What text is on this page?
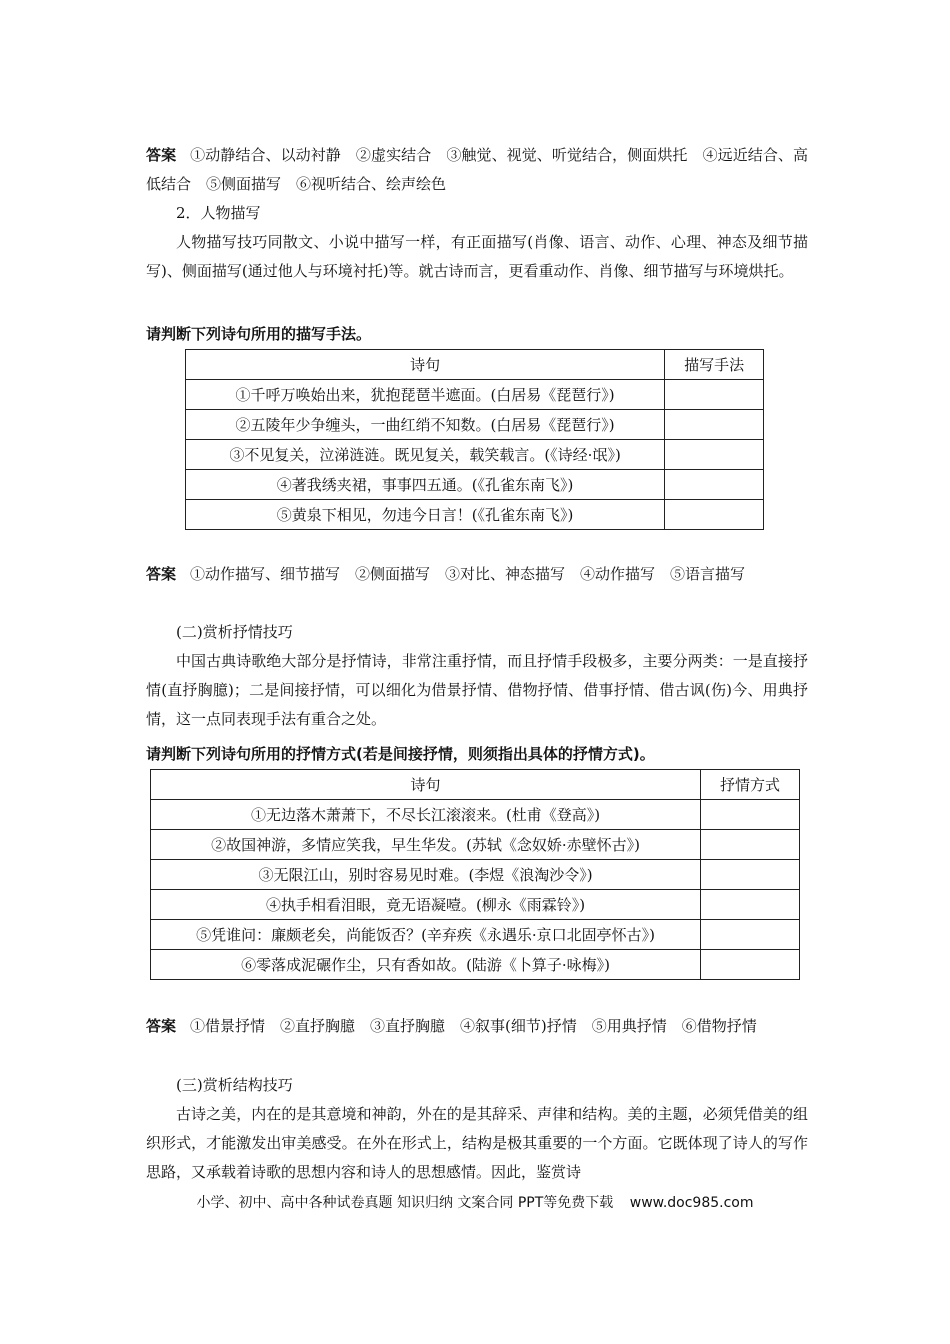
答案 ①动静结合、以动衬静　②虚实结合　③触觉、视觉、听觉结合，侧面烘托　④远近结合、高低结合　⑤侧面描写　⑥视听结合、绘声绘色
2．人物描写
人物描写技巧同散文、小说中描写一样，有正面描写(肖像、语言、动作、心理、神态及细节描写)、侧面描写(通过他人与环境衬托)等。就古诗而言，更看重动作、肖像、细节描写与环境烘托。
请判断下列诗句所用的描写手法。
诗句	描写手法
①千呼万唤始出来，犹抱琵琶半遮面。(白居易《琵琶行》)	
②五陵年少争缠头，一曲红绡不知数。(白居易《琵琶行》)	
③不见复关，泣涕涟涟。既见复关，载笑载言。(《诗经·氓》)	
④著我绣夹裙，事事四五通。(《孔雀东南飞》)	
⑤黄泉下相见，勿违今日言！(《孔雀东南飞》)	
答案 ①动作描写、细节描写　②侧面描写　③对比、神态描写　④动作描写　⑤语言描写
(二)赏析抒情技巧
中国古典诗歌绝大部分是抒情诗，非常注重抒情，而且抒情手段极多，主要分两类：一是直接抒情(直抒胸臆)；二是间接抒情，可以细化为借景抒情、借物抒情、借事抒情、借古讽(伤)今、用典抒情，这一点同表现手法有重合之处。
请判断下列诗句所用的抒情方式(若是间接抒情，则须指出具体的抒情方式)。
诗句	抒情方式
①无边落木萧萧下，不尽长江滚滚来。(杜甫《登高》)	
②故国神游，多情应笑我，早生华发。(苏轼《念奴娇·赤壁怀古》)	
③无限江山，别时容易见时难。(李煜《浪淘沙令》)	
④执手相看泪眼，竟无语凝噎。(柳永《雨霖铃》)	
⑤凭谁问：廉颇老矣，尚能饭否？(辛弃疾《永遇乐·京口北固亭怀古》)	
⑥零落成泥碾作尘，只有香如故。(陆游《卜算子·咏梅》)	
答案 ①借景抒情　②直抒胸臆　③直抒胸臆　④叙事(细节)抒情　⑤用典抒情　⑥借物抒情
(三)赏析结构技巧
古诗之美，内在的是其意境和神韵，外在的是其辞采、声律和结构。美的主题，必须凭借美的组织形式，才能激发出审美感受。在外在形式上，结构是极其重要的一个方面。它既体现了诗人的写作思路，又承载着诗歌的思想内容和诗人的思想感情。因此，鉴赏诗
小学、初中、高中各种试卷真题 知识归纳 文案合同 PPT等免费下载 www.doc985.com
